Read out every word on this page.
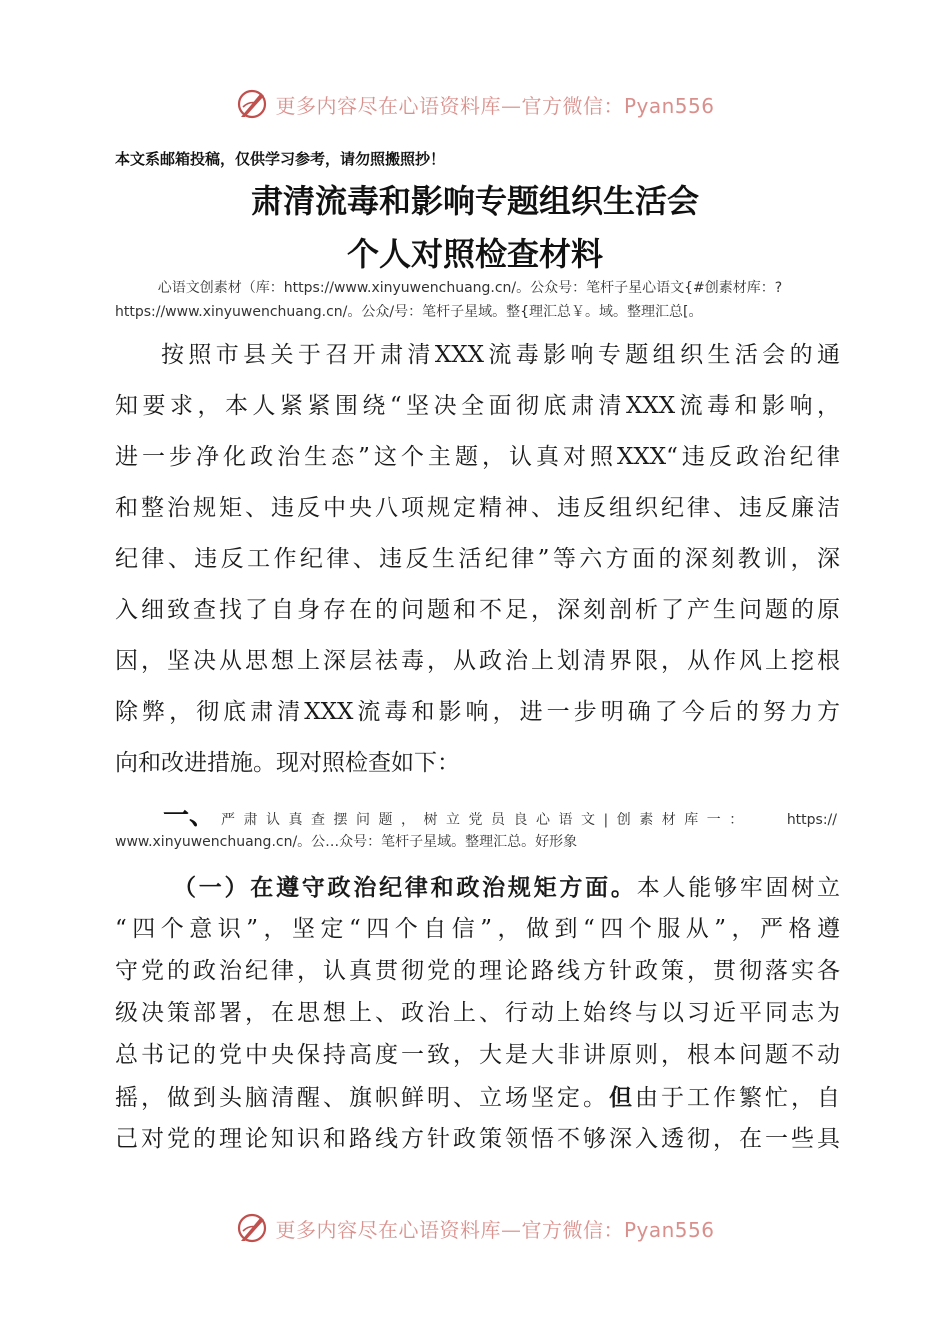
更多内容尽在心语资料库—官方微信：Pyan556
本文系邮箱投稿，仅供学习参考，请勿照搬照抄！
肃清流毒和影响专题组织生活会
个人对照检查材料
心语文创素材（库：https://www.xinyuwenchuang.cn/。公众号：笔杆子星心语文{#创素材库：?
https://www.xinyuwenchuang.cn/。公众/号：笔杆子星域。整{理汇总￥。域。整理汇总[。
按照市县关于召开肃清XXX流毒影响专题组织生活会的通
知要求，本人紧紧围绕“坚决全面彻底肃清XXX流毒和影响，
进一步净化政治生态”这个主题，认真对照XXX“违反政治纪律
和整治规矩、违反中央八项规定精神、违反组织纪律、违反廉洁
纪律、违反工作纪律、违反生活纪律”等六方面的深刻教训，深
入细致查找了自身存在的问题和不足，深刻剖析了产生问题的原
因，坚决从思想上深层祛毒，从政治上划清界限，从作风上挖根
除弊，彻底肃清XXX流毒和影响，进一步明确了今后的努力方
向和改进措施。现对照检查如下：
一、 严肃认真查摆问题，树立党员良心语文|创素材库一：	https://
www.xinyuwenchuang.cn/。公…众号：笔杆子星域。整理汇总。好形象
（一）在遵守政治纪律和政治规矩方面。本人能够牢固树立
“四个意识”，坚定“四个自信”，做到“四个服从”，严格遵
守党的政治纪律，认真贯彻党的理论路线方针政策，贯彻落实各
级决策部署，在思想上、政治上、行动上始终与以习近平同志为
总书记的党中央保持高度一致，大是大非讲原则，根本问题不动
摇，做到头脑清醒、旗帜鲜明、立场坚定。但由于工作繁忙，自
己对党的理论知识和路线方针政策领悟不够深入透彻，在一些具
更多内容尽在心语资料库—官方微信：Pyan556
